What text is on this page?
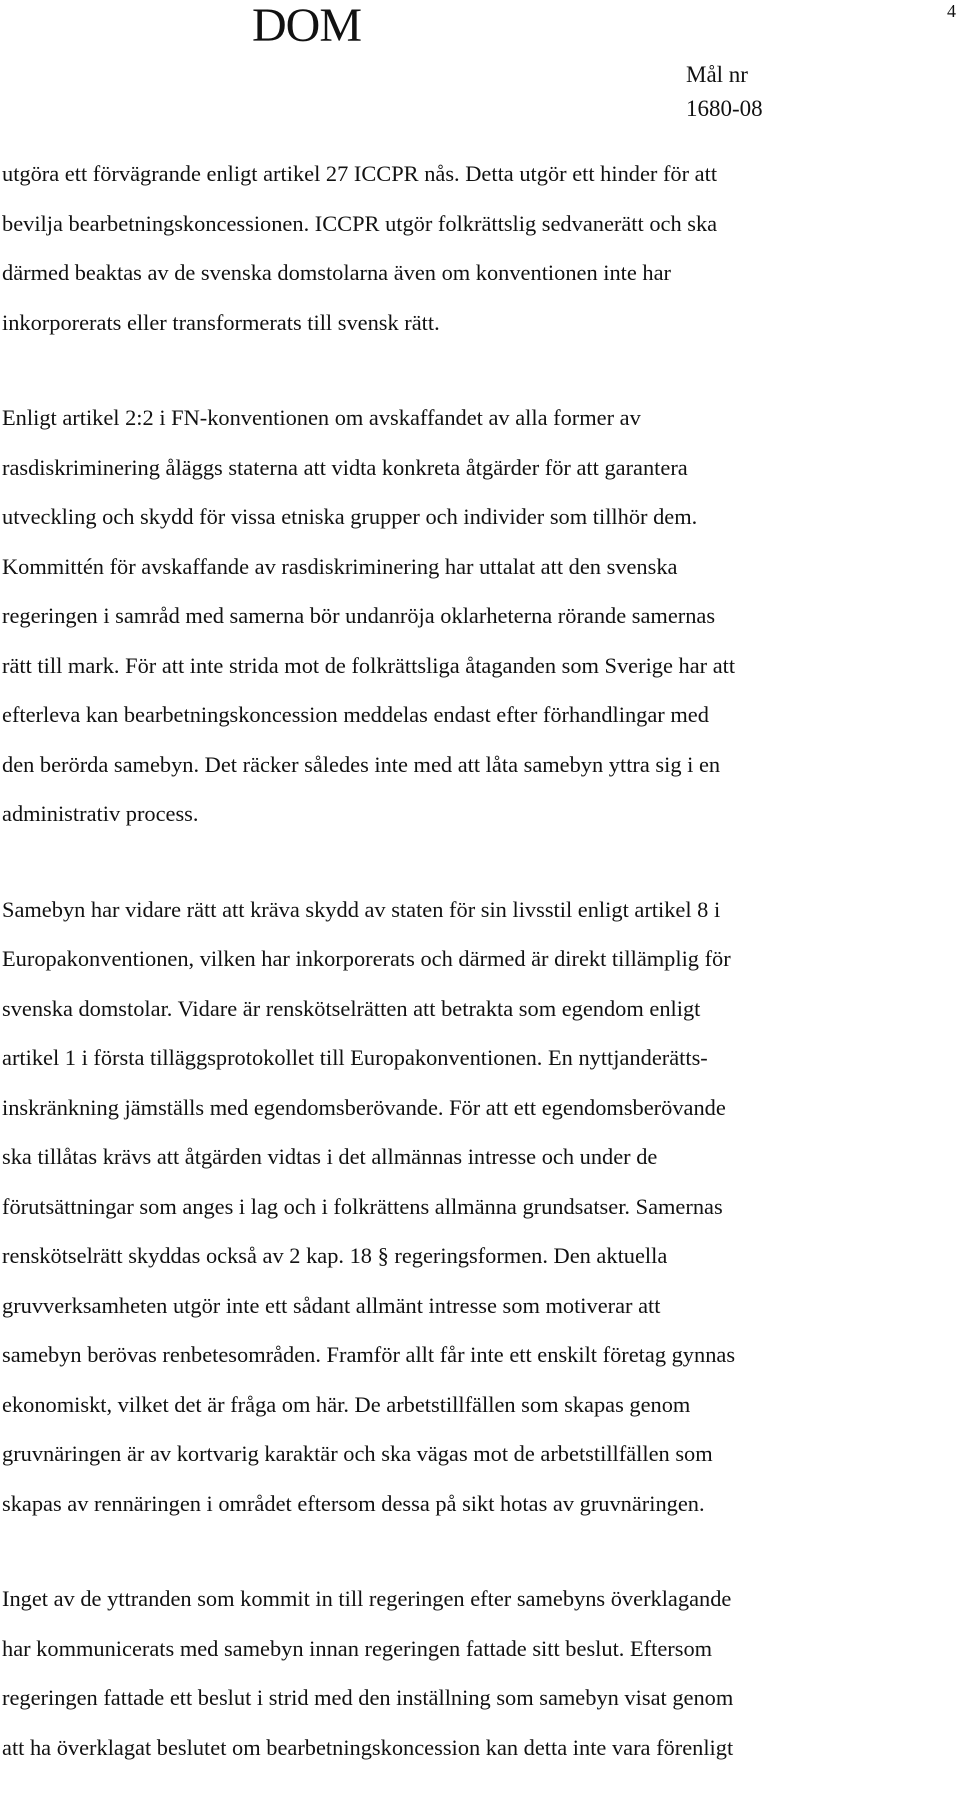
DOM	4
Mål nr
1680-08

utgöra ett förvägrande enligt artikel 27 ICCPR nås. Detta utgör ett hinder för att
bevilja bearbetningskoncessionen. ICCPR utgör folkrättslig sedvanerätt och ska
därmed beaktas av de svenska domstolarna även om konventionen inte har
inkorporerats eller transformerats till svensk rätt.

Enligt artikel 2:2 i FN-konventionen om avskaffandet av alla former av
rasdiskriminering åläggs staterna att vidta konkreta åtgärder för att garantera
utveckling och skydd för vissa etniska grupper och individer som tillhör dem.
Kommittén för avskaffande av rasdiskriminering har uttalat att den svenska
regeringen i samråd med samerna bör undanröja oklarheterna rörande samernas
rätt till mark. För att inte strida mot de folkrättsliga åtaganden som Sverige har att
efterleva kan bearbetningskoncession meddelas endast efter förhandlingar med
den berörda samebyn. Det räcker således inte med att låta samebyn yttra sig i en
administrativ process.

Samebyn har vidare rätt att kräva skydd av staten för sin livsstil enligt artikel 8 i
Europakonventionen, vilken har inkorporerats och därmed är direkt tillämplig för
svenska domstolar. Vidare är renskötselrätten att betrakta som egendom enligt
artikel 1 i första tilläggsprotokollet till Europakonventionen. En nyttjanderätts-
inskränkning jämställs med egendomsberövande. För att ett egendomsberövande
ska tillåtas krävs att åtgärden vidtas i det allmännas intresse och under de
förutsättningar som anges i lag och i folkrättens allmänna grundsatser. Samernas
renskötselrätt skyddas också av 2 kap. 18 § regeringsformen. Den aktuella
gruvverksamheten utgör inte ett sådant allmänt intresse som motiverar att
samebyn berövas renbetesområden. Framför allt får inte ett enskilt företag gynnas
ekonomiskt, vilket det är fråga om här. De arbetstillfällen som skapas genom
gruvnäringen är av kortvarig karaktär och ska vägas mot de arbetstillfällen som
skapas av rennäringen i området eftersom dessa på sikt hotas av gruvnäringen.

Inget av de yttranden som kommit in till regeringen efter samebyns överklagande
har kommunicerats med samebyn innan regeringen fattade sitt beslut. Eftersom
regeringen fattade ett beslut i strid med den inställning som samebyn visat genom
att ha överklagat beslutet om bearbetningskoncession kan detta inte vara förenligt
